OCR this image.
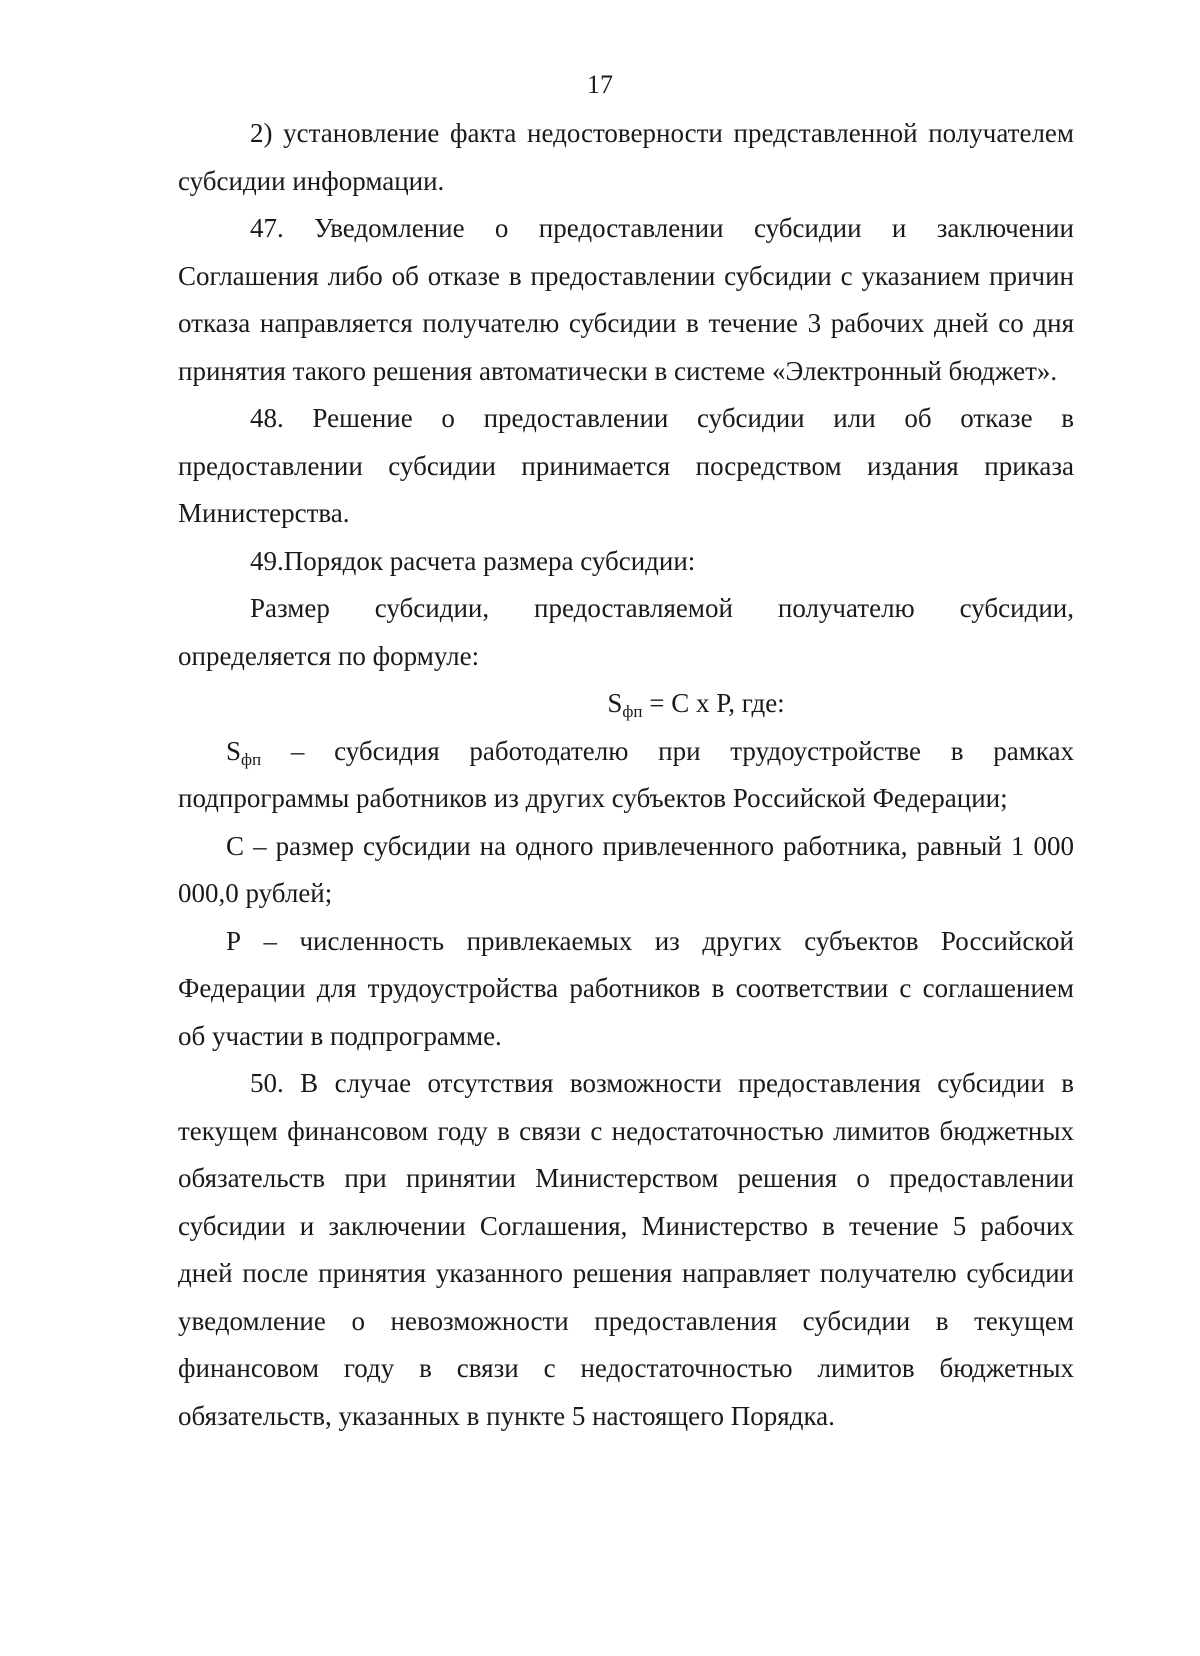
17

2) установление факта недостоверности представленной получателем субсидии информации.

47. Уведомление о предоставлении субсидии и заключении Соглашения либо об отказе в предоставлении субсидии с указанием причин отказа направляется получателю субсидии в течение 3 рабочих дней со дня принятия такого решения автоматически в системе «Электронный бюджет».

48. Решение о предоставлении субсидии или об отказе в предоставлении субсидии принимается посредством издания приказа Министерства.

49.Порядок расчета размера субсидии:

Размер субсидии, предоставляемой получателю субсидии, определяется по формуле:

$S_{фп} = C$ x P, где:

$S_{фп}$ – субсидия работодателю при трудоустройстве в рамках подпрограммы работников из других субъектов Российской Федерации;

С – размер субсидии на одного привлеченного работника, равный 1 000 000,0 рублей;

Р – численность привлекаемых из других субъектов Российской Федерации для трудоустройства работников в соответствии с соглашением об участии в подпрограмме.

50. В случае отсутствия возможности предоставления субсидии в текущем финансовом году в связи с недостаточностью лимитов бюджетных обязательств при принятии Министерством решения о предоставлении субсидии и заключении Соглашения, Министерство в течение 5 рабочих дней после принятия указанного решения направляет получателю субсидии уведомление о невозможности предоставления субсидии в текущем финансовом году в связи с недостаточностью лимитов бюджетных обязательств, указанных в пункте 5 настоящего Порядка.
